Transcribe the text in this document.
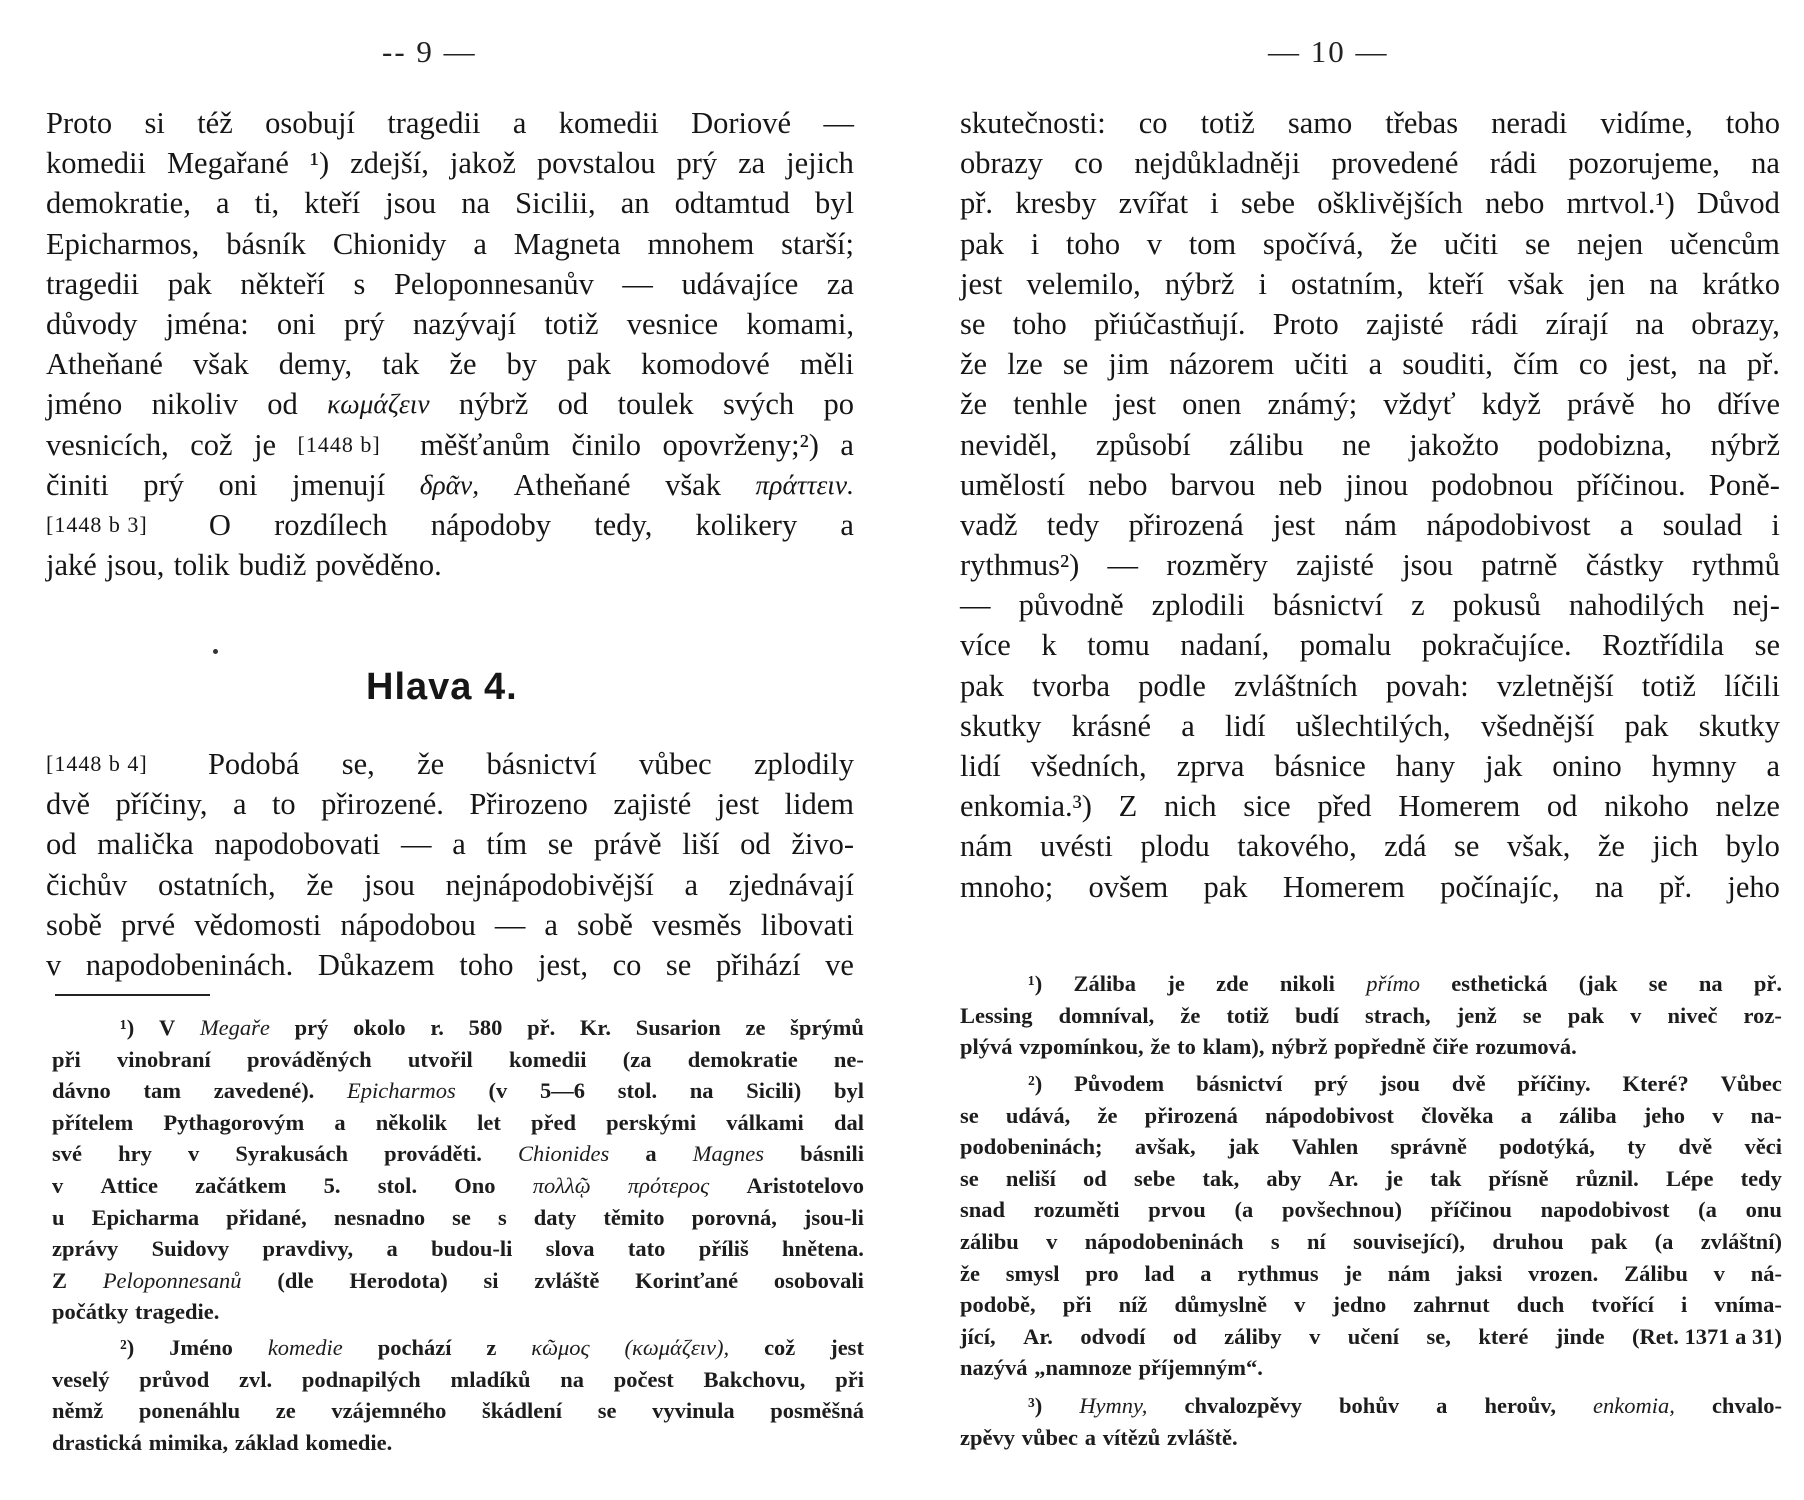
-- 9 —
Proto si též osobují tragedii a komedii Doriové —
komedii Megařané ¹) zdejší, jakož povstalou prý za jejich
demokratie, a ti, kteří jsou na Sicilii, an odtamtud byl
Epicharmos, básník Chionidy a Magneta mnohem starší;
tragedii pak někteří s Peloponnesanův — udávajíce za
důvody jména: oni prý nazývají totiž vesnice komami,
Atheňané však demy, tak že by pak komodové měli
jméno nikoliv od κωμάζειν nýbrž od toulek svých po
vesnicích, což je [1448 b] měšťanům činilo opovrženy;²) a
činiti prý oni jmenují δρᾶν, Atheňané však πράττειν.
[1448 b 3] O rozdílech nápodoby tedy, kolikery a
jaké jsou, tolik budiž pověděno.
Hlava 4.
[1448 b 4] Podobá se, že básnictví vůbec zplodily
dvě příčiny, a to přirozené. Přirozeno zajisté jest lidem
od malička napodobovati — a tím se právě liší od živo-
čichův ostatních, že jsou nejnápodobivější a zjednávají
sobě prvé vědomosti nápodobou — a sobě vesměs libovati
v napodobeninách. Důkazem toho jest, co se přihází ve
¹) V Megaře prý okolo r. 580 př. Kr. Susarion ze šprýmů
při vinobraní prováděných utvořil komedii (za demokratie ne-
dávno tam zavedené). Epicharmos (v 5—6 stol. na Sicili) byl
přítelem Pythagorovým a několik let před perskými válkami dal
své hry v Syrakusách prováděti. Chionides a Magnes básnili
v Attice začátkem 5. stol. Ono πολλῷ πρότερος Aristotelovo
u Epicharma přidané, nesnadno se s daty těmito porovná, jsou-li
zprávy Suidovy pravdivy, a budou-li slova tato příliš hnětena.
Z Peloponnesanů (dle Herodota) si zvláště Korinťané osobovali
počátky tragedie.
²) Jméno komedie pochází z κῶμος (κωμάζειν), což jest
veselý průvod zvl. podnapilých mladíků na počest Bakchovu, při
němž ponenáhlu ze vzájemného škádlení se vyvinula posměšná
drastická mimika, základ komedie.
— 10 —
skutečnosti: co totiž samo třebas neradi vidíme, toho
obrazy co nejdůkladněji provedené rádi pozorujeme, na
př. kresby zvířat i sebe ošklivějších nebo mrtvol.¹) Důvod
pak i toho v tom spočívá, že učiti se nejen učencům
jest velemilo, nýbrž i ostatním, kteří však jen na krátko
se toho přiúčastňují. Proto zajisté rádi zírají na obrazy,
že lze se jim názorem učiti a souditi, čím co jest, na př.
že tenhle jest onen známý; vždyť když právě ho dříve
neviděl, způsobí zálibu ne jakožto podobizna, nýbrž
umělostí nebo barvou neb jinou podobnou příčinou. Poně-
vadž tedy přirozená jest nám nápodobivost a soulad i
rythmus²) — rozměry zajisté jsou patrně částky rythmů
— původně zplodili básnictví z pokusů nahodilých nej-
více k tomu nadaní, pomalu pokračujíce. Roztřídila se
pak tvorba podle zvláštních povah: vzletnější totiž líčili
skutky krásné a lidí ušlechtilých, všednější pak skutky
lidí všedních, zprva básnice hany jak onino hymny a
enkomia.³) Z nich sice před Homerem od nikoho nelze
nám uvésti plodu takového, zdá se však, že jich bylo
mnoho; ovšem pak Homerem počínajíc, na př. jeho
¹) Záliba je zde nikoli přímo esthetická (jak se na př.
Lessing domníval, že totiž budí strach, jenž se pak v niveč roz-
plývá vzpomínkou, že to klam), nýbrž popředně čiře rozumová.
²) Původem básnictví prý jsou dvě příčiny. Které? Vůbec
se udává, že přirozená nápodobivost člověka a záliba jeho v na-
podobeninách; avšak, jak Vahlen správně podotýká, ty dvě věci
se neliší od sebe tak, aby Ar. je tak přísně různil. Lépe tedy
snad rozuměti prvou (a povšechnou) příčinou napodobivost (a onu
zálibu v nápodobeninách s ní související), druhou pak (a zvláštní)
že smysl pro lad a rythmus je nám jaksi vrozen. Zálibu v ná-
podobě, při níž důmyslně v jedno zahrnut duch tvořící i vníma-
jící, Ar. odvodí od záliby v učení se, které jinde (Ret. 1371 a 31)
nazývá „namnoze příjemným“.
³) Hymny, chvalozpěvy bohův a heroův, enkomia, chvalo-
zpěvy vůbec a vítězů zvláště.
